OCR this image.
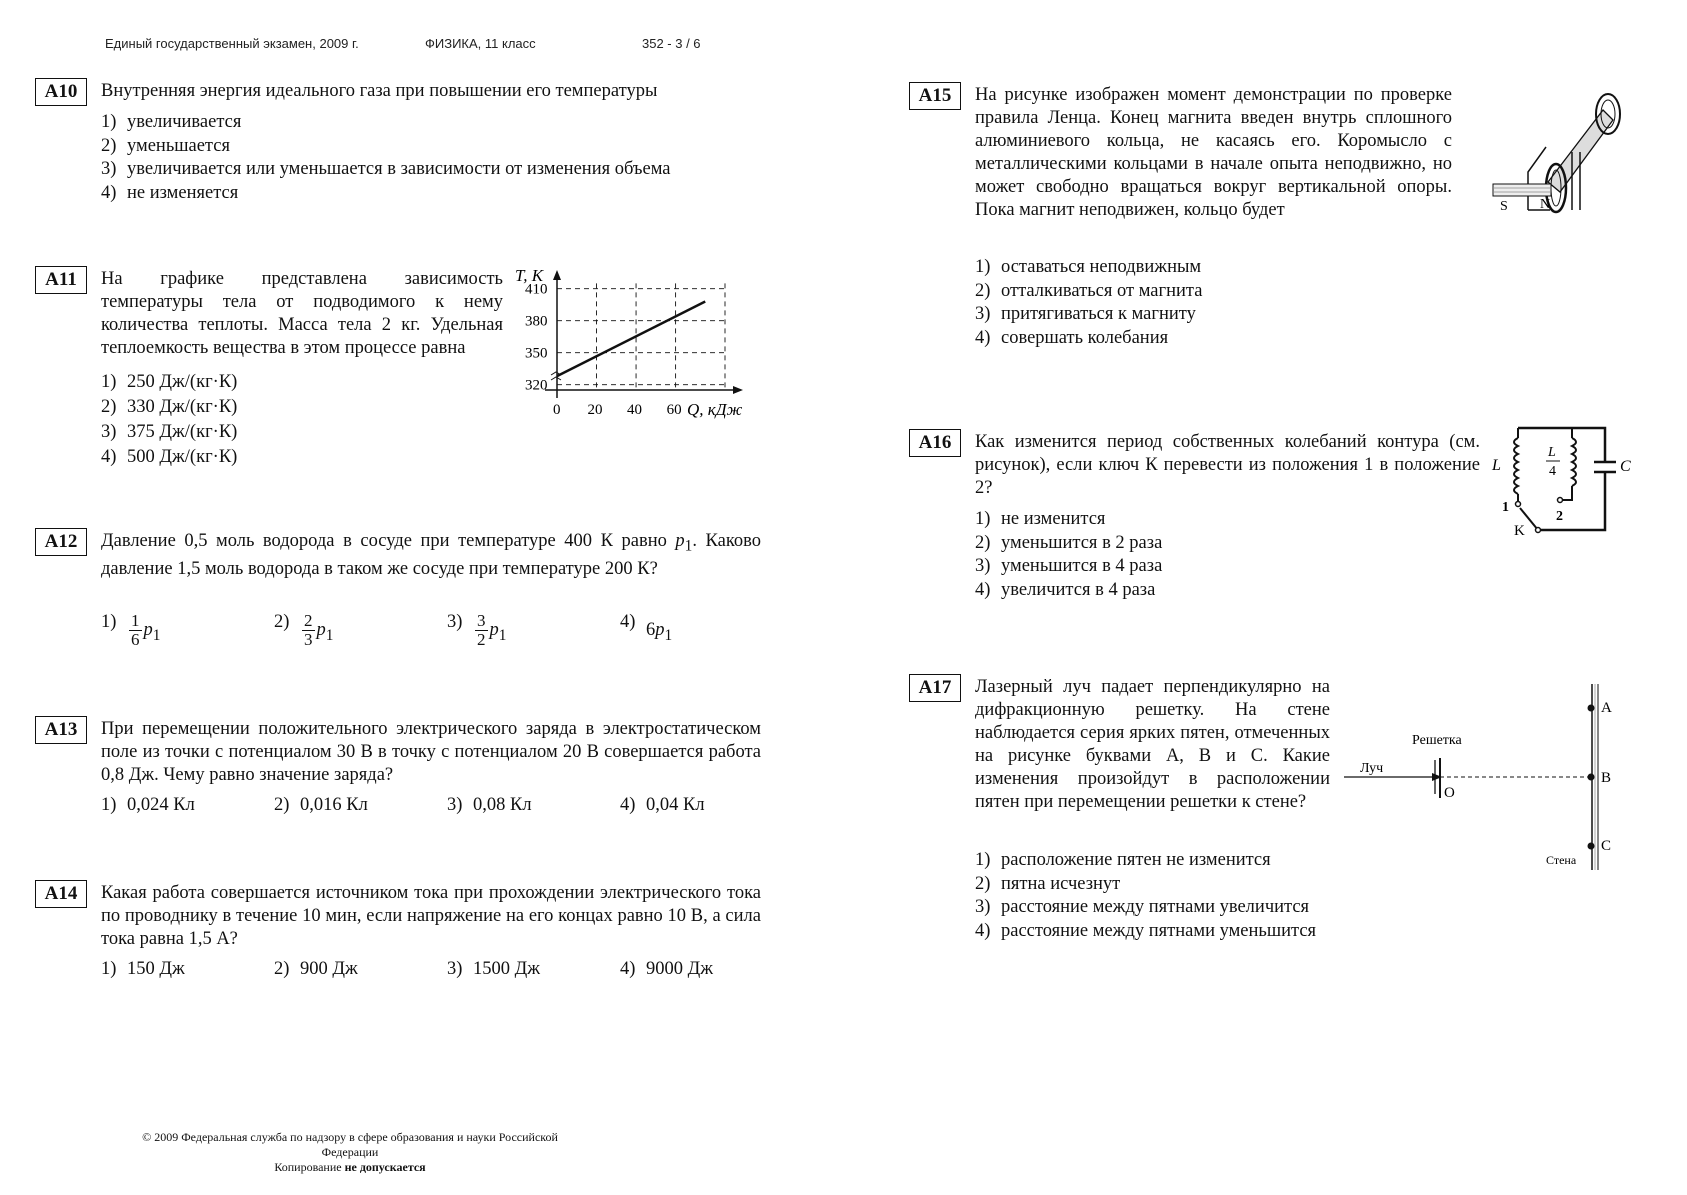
Единый государственный экзамен, 2009 г.	ФИЗИКА, 11 класс	352 - 3 / 6
A10	Внутренняя энергия идеального газа при повышении его температуры
1) увеличивается
2) уменьшается
3) увеличивается или уменьшается в зависимости от изменения объема
4) не изменяется
A11	На графике представлена зависимость температуры тела от подводимого к нему количества теплоты. Масса тела 2 кг. Удельная теплоемкость вещества в этом процессе равна
1) 250 Дж/(кг·К)
2) 330 Дж/(кг·К)
3) 375 Дж/(кг·К)
4) 500 Дж/(кг·К)
T, К
Q, кДж
320
350
380
410
0 20 40 60
A12	Давление 0,5 моль водорода в сосуде при температуре 400 К равно $p_1$. Каково давление 1,5 моль водорода в таком же сосуде при температуре 200 К?
$1) \frac{1}{6} p_1$
$2) \frac{2}{3} p_1$
$3) \frac{3}{2} p_1$
4) 6 $p_1$
A13	При перемещении положительного электрического заряда в электростатическом поле из точки с потенциалом 30 В в точку с потенциалом 20 В совершается работа 0,8 Дж. Чему равно значение заряда?
1) 0,024 Кл	2) 0,016 Кл	3) 0,08 Кл	4) 0,04 Кл
A14	Какая работа совершается источником тока при прохождении электрического тока по проводнику в течение 10 мин, если напряжение на его концах равно 10 В, а сила тока равна 1,5 А?
1) 150 Дж	2) 900 Дж	3) 1500 Дж	4) 9000 Дж
A15	На рисунке изображен момент демонстрации по проверке правила Ленца. Конец магнита введен внутрь сплошного алюминиевого кольца, не касаясь его. Коромысло с металлическими кольцами в начале опыта неподвижно, но может свободно вращаться вокруг вертикальной опоры. Пока магнит неподвижен, кольцо будет
1) оставаться неподвижным
2) отталкиваться от магнита
3) притягиваться к магниту
4) совершать колебания
S N
A16	Как изменится период собственных колебаний контура (см. рисунок), если ключ К перевести из положения 1 в положение 2?
1) не изменится
2) уменьшится в 2 раза
3) уменьшится в 4 раза
4) увеличится в 4 раза
L
L
4	C
1
2
K
A17	Лазерный луч падает перпендикулярно на дифракционную решетку. На стене наблюдается серия ярких пятен, отмеченных на рисунке буквами А, В и С. Какие изменения произойдут в расположении пятен при перемещении решетки к стене?
1) расположение пятен не изменится
2) пятна исчезнут
3) расстояние между пятнами увеличится
4) расстояние между пятнами уменьшится
Решетка
Луч
O
Стена
A
B
C
© 2009 Федеральная служба по надзору в сфере образования и науки Российской Федерации
Копирование не допускается
